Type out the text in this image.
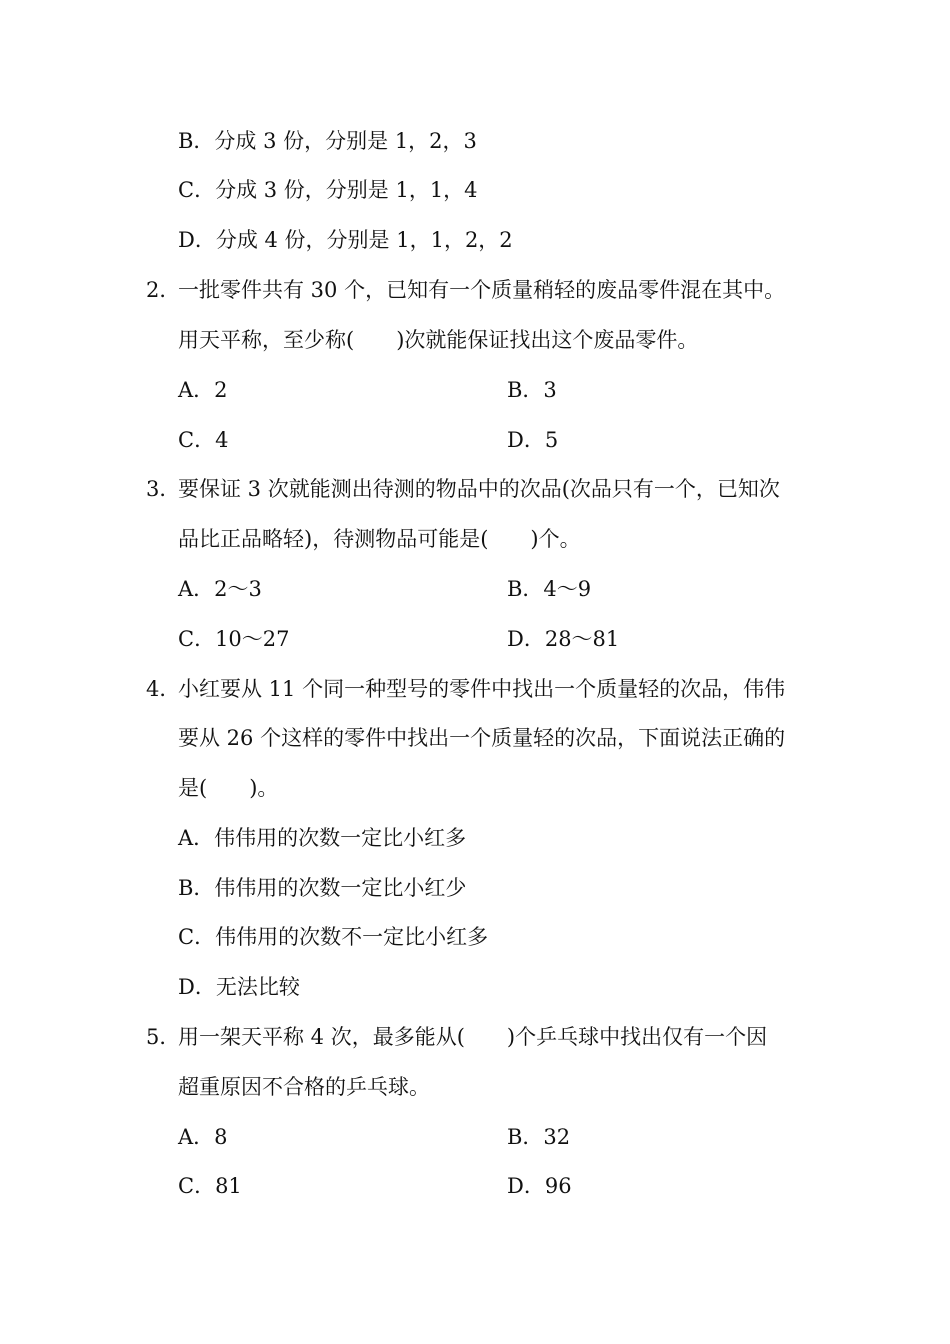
B．分成 3 份，分别是 1，2，3
C．分成 3 份，分别是 1，1，4
D．分成 4 份，分别是 1，1，2，2
2．
一批零件共有 30 个，已知有一个质量稍轻的废品零件混在其中。
用天平称，至少称(　　)次就能保证找出这个废品零件。
A．2	B．3
C．4	D．5
3．
要保证 3 次就能测出待测的物品中的次品(次品只有一个，已知次
品比正品略轻)，待测物品可能是(　　)个。
A．2～3	B．4～9
C．10～27	D．28～81
4．
小红要从 11 个同一种型号的零件中找出一个质量轻的次品，伟伟
要从 26 个这样的零件中找出一个质量轻的次品，下面说法正确的
是(　　)。
A．伟伟用的次数一定比小红多
B．伟伟用的次数一定比小红少
C．伟伟用的次数不一定比小红多
D．无法比较
5．
用一架天平称 4 次，最多能从(　　)个乒乓球中找出仅有一个因
超重原因不合格的乒乓球。
A．8	B．32
C．81	D．96
